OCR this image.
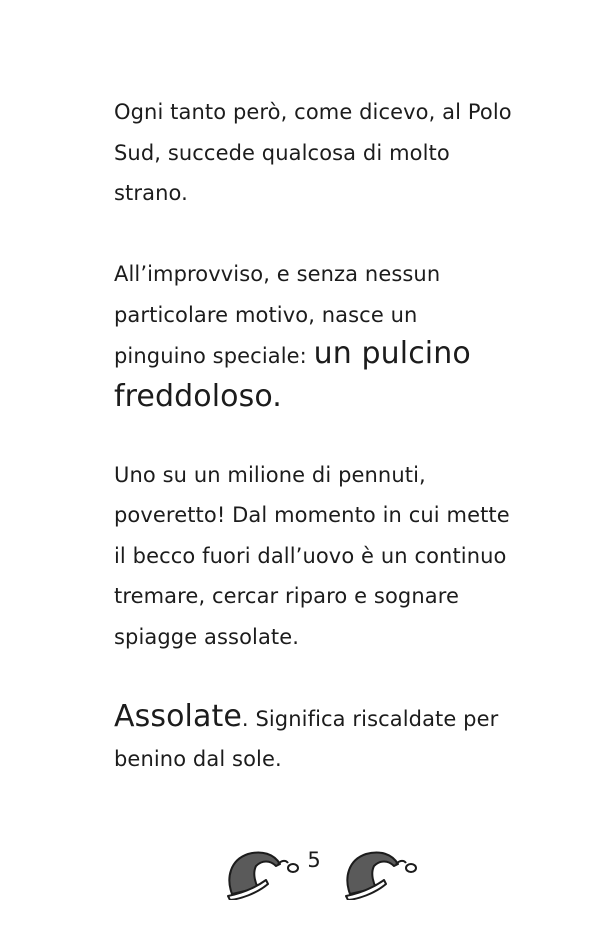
Ogni tanto però, come dicevo, al Polo
Sud, succede qualcosa di molto
strano.

All’improvviso, e senza nessun
particolare motivo, nasce un
pinguino speciale: un pulcino
freddoloso.

Uno su un milione di pennuti,
poveretto! Dal momento in cui mette
il becco fuori dall’uovo è un continuo
tremare, cercar riparo e sognare
spiagge assolate.

Assolate. Significa riscaldate per
benino dal sole.

5
